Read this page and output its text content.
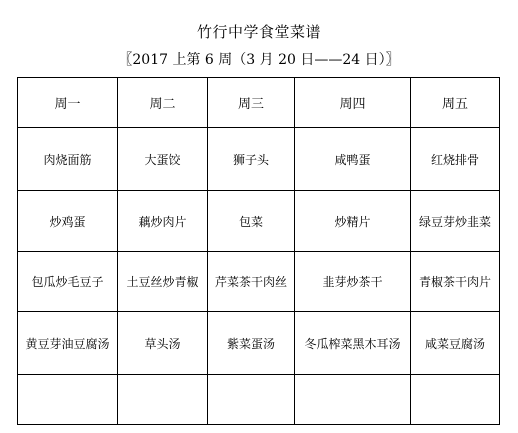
竹行中学食堂菜谱
〖2017 上第 6 周（3 月 20 日——24 日）〗
周一	周二	周三	周四	周五
肉烧面筋	大蛋饺	狮子头	咸鸭蛋	红烧排骨
炒鸡蛋	藕炒肉片	包菜	炒精片	绿豆芽炒韭菜
包瓜炒毛豆子	土豆丝炒青椒	芹菜茶干肉丝	韭芽炒茶干	青椒茶干肉片
黄豆芽油豆腐汤	草头汤	紫菜蛋汤	冬瓜榨菜黑木耳汤	咸菜豆腐汤
